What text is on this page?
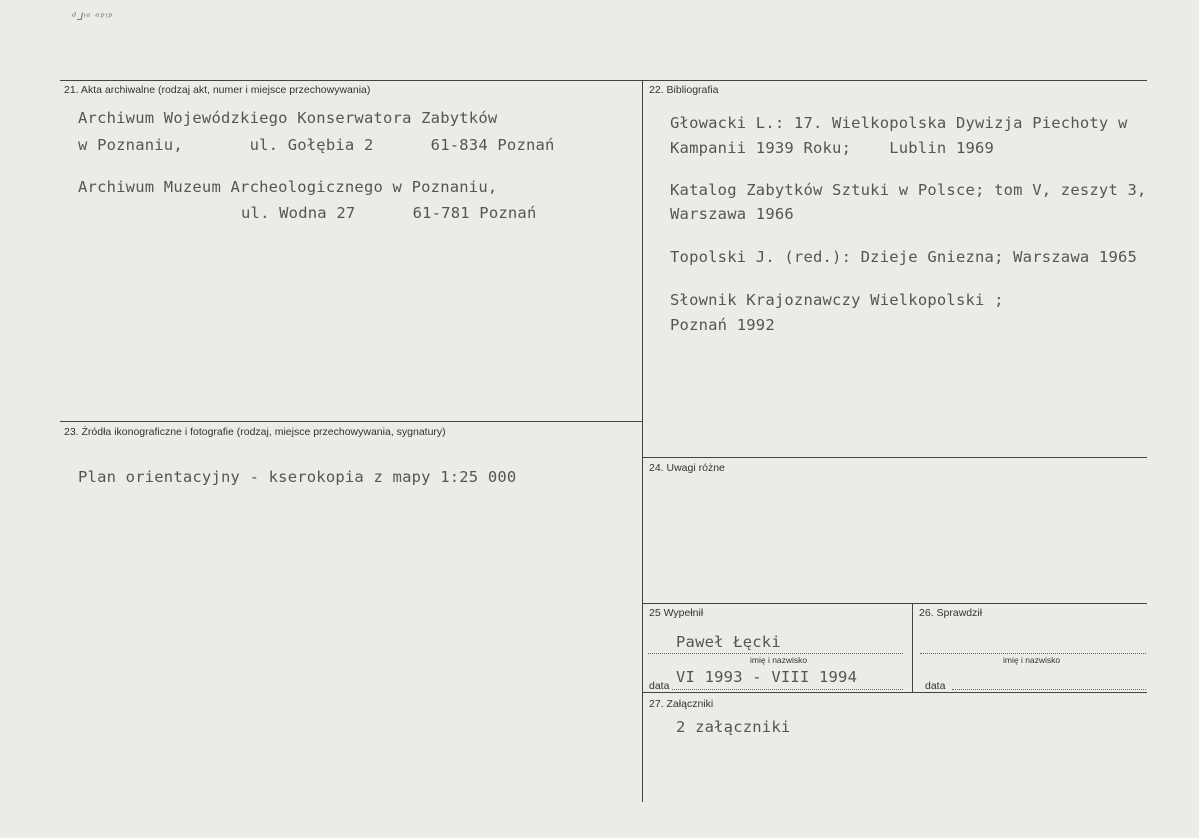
ᵈ⅃ᵎᵃ ᵅᵖᵎᵖ
21. Akta archiwalne (rodzaj akt, numer i miejsce przechowywania)
Archiwum Wojewódzkiego Konserwatora Zabytków
w Poznaniu,       ul. Gołębia 2      61-834 Poznań
Archiwum Muzeum Archeologicznego w Poznaniu,
ul. Wodna 27      61-781 Poznań
22. Bibliografia
Głowacki L.: 17. Wielkopolska Dywizja Piechoty w
Kampanii 1939 Roku;    Lublin 1969
Katalog Zabytków Sztuki w Polsce; tom V, zeszyt 3,
Warszawa 1966
Topolski J. (red.): Dzieje Gniezna; Warszawa 1965
Słownik Krajoznawczy Wielkopolski ;
Poznań 1992
23. Źródła ikonograficzne i fotografie (rodzaj, miejsce przechowywania, sygnatury)
Plan orientacyjny - kserokopia z mapy 1:25 000	24. Uwagi różne
25 Wypełnił
Paweł Łęcki
imię i nazwisko
data VI 1993 - VIII 1994
26. Sprawdził
imię i nazwisko
data
27. Załączniki
2 załączniki
